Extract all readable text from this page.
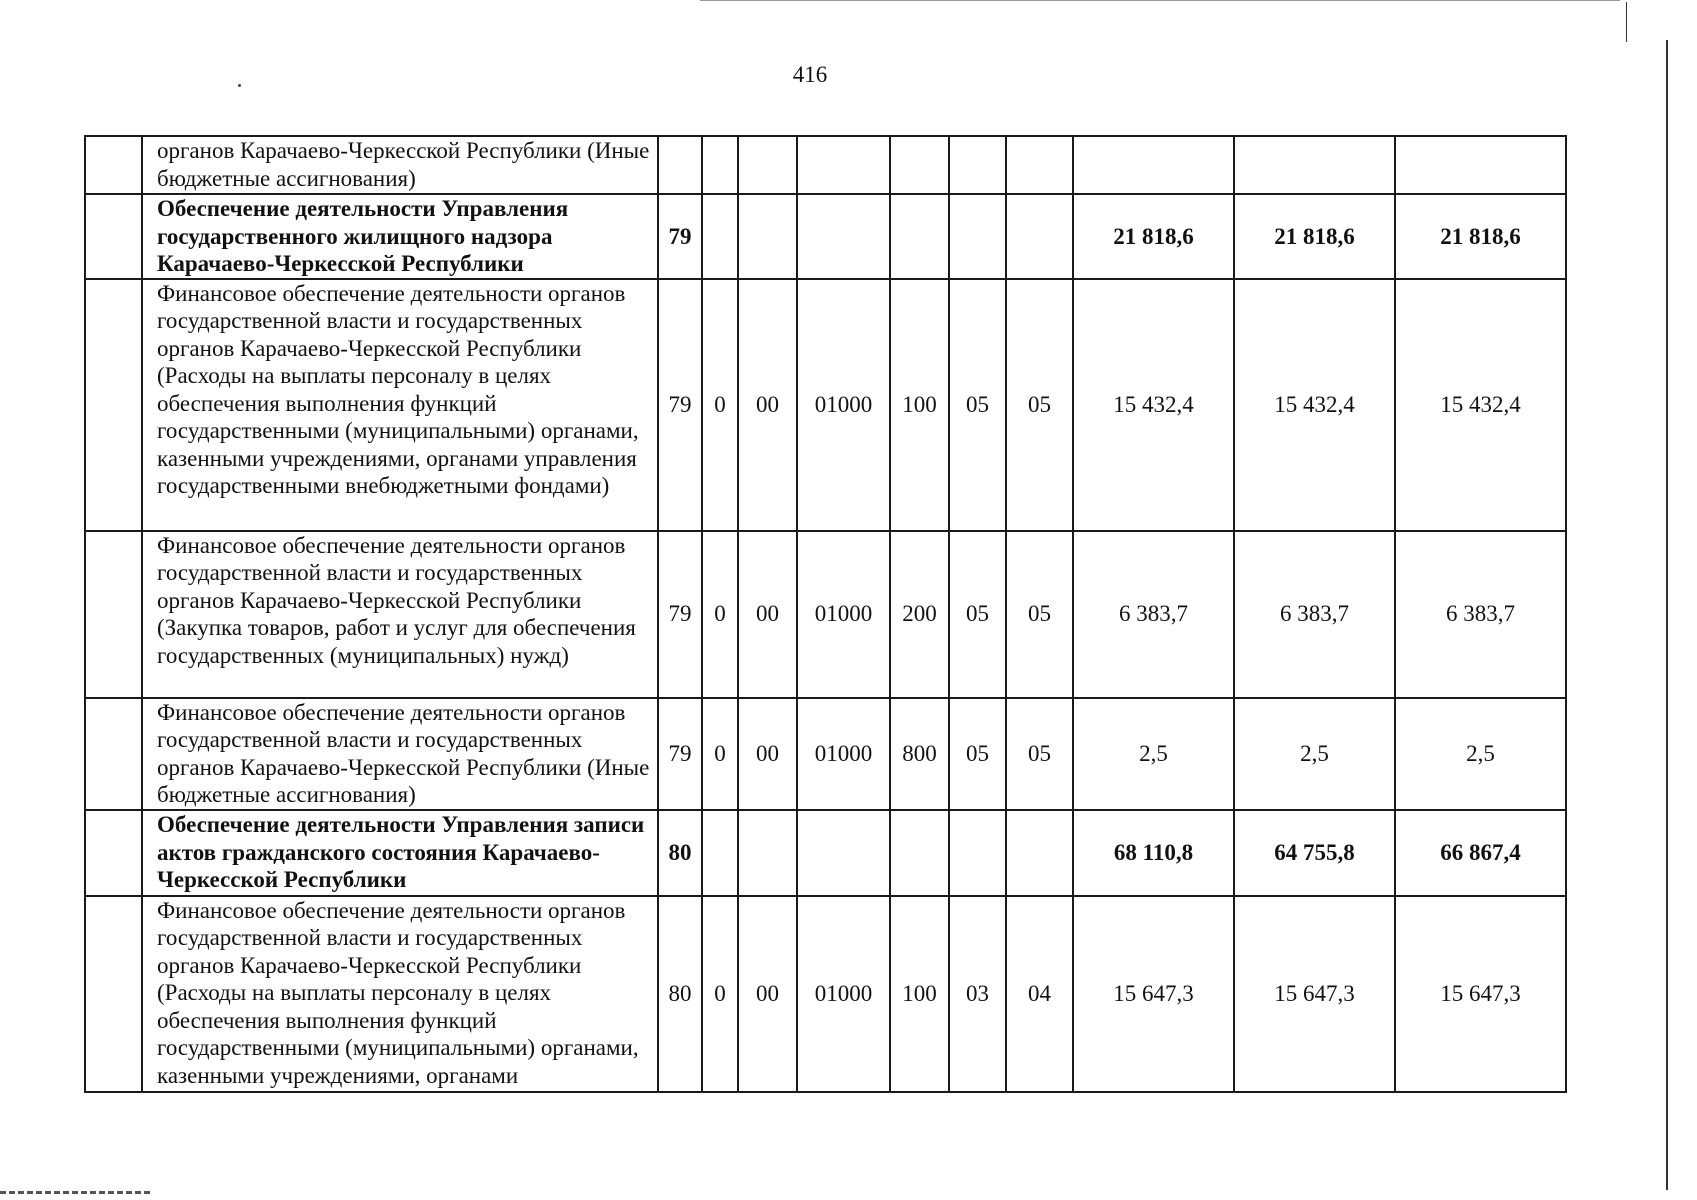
416
	органов Карачаево-Черкесской Республики (Иные бюджетные ассигнования)										
	Обеспечение деятельности Управления государственного жилищного надзора Карачаево-Черкесской Республики	79							21 818,6	21 818,6	21 818,6
	Финансовое обеспечение деятельности органов государственной власти и государственных органов Карачаево-Черкесской Республики (Расходы на выплаты персоналу в целях обеспечения выполнения функций государственными (муниципальными) органами, казенными учреждениями, органами управления государственными внебюджетными фондами)	79	0	00	01000	100	05	05	15 432,4	15 432,4	15 432,4
	Финансовое обеспечение деятельности органов государственной власти и государственных органов Карачаево-Черкесской Республики (Закупка товаров, работ и услуг для обеспечения государственных (муниципальных) нужд)	79	0	00	01000	200	05	05	6 383,7	6 383,7	6 383,7
	Финансовое обеспечение деятельности органов государственной власти и государственных органов Карачаево-Черкесской Республики (Иные бюджетные ассигнования)	79	0	00	01000	800	05	05	2,5	2,5	2,5
	Обеспечение деятельности Управления записи актов гражданского состояния Карачаево-Черкесской Республики	80							68 110,8	64 755,8	66 867,4
	Финансовое обеспечение деятельности органов государственной власти и государственных органов Карачаево-Черкесской Республики (Расходы на выплаты персоналу в целях обеспечения выполнения функций государственными (муниципальными) органами, казенными учреждениями, органами	80	0	00	01000	100	03	04	15 647,3	15 647,3	15 647,3
